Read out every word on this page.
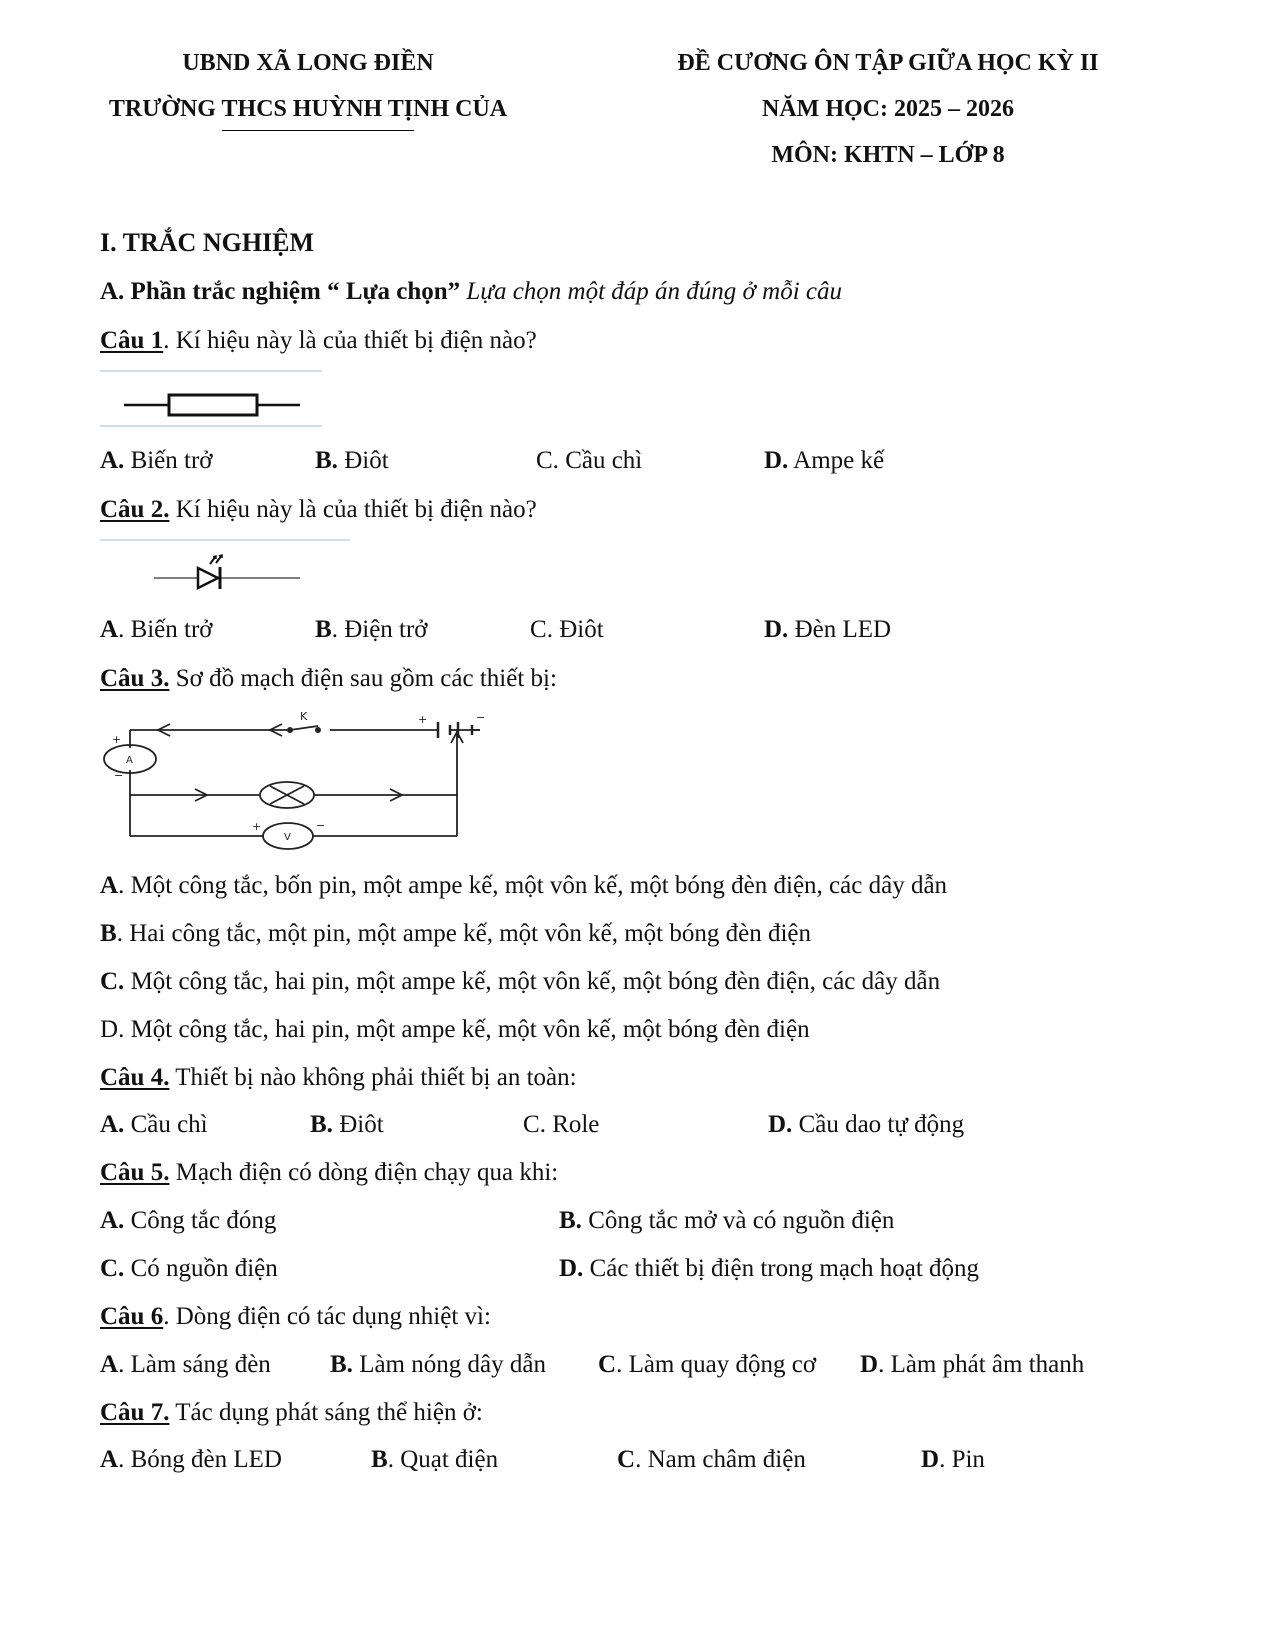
UBND XÃ LONG ĐIỀN
TRƯỜNG THCS HUỲNH TỊNH CỦA
ĐỀ CƯƠNG ÔN TẬP GIỮA HỌC KỲ II
NĂM HỌC: 2025 – 2026
MÔN: KHTN – LỚP 8
I. TRẮC NGHIỆM
A. Phần trắc nghiệm “ Lựa chọn” Lựa chọn một đáp án đúng ở mỗi câu
Câu 1. Kí hiệu này là của thiết bị điện nào?
A. Biến trở	B. Điôt	C. Cầu chì	D. Ampe kế
Câu 2. Kí hiệu này là của thiết bị điện nào?
A. Biến trở	B. Điện trở	C. Điôt	D. Đèn LED
Câu 3. Sơ đồ mạch điện sau gồm các thiết bị:
K	+	−
+
−
A
+	−
V
A. Một công tắc, bốn pin, một ampe kế, một vôn kế, một bóng đèn điện, các dây dẫn
B. Hai công tắc, một pin, một ampe kế, một vôn kế, một bóng đèn điện
C. Một công tắc, hai pin, một ampe kế, một vôn kế, một bóng đèn điện, các dây dẫn
D. Một công tắc, hai pin, một ampe kế, một vôn kế, một bóng đèn điện
Câu 4. Thiết bị nào không phải thiết bị an toàn:
A. Cầu chì	B. Điôt	C. Role	D. Cầu dao tự động
Câu 5. Mạch điện có dòng điện chạy qua khi:
A. Công tắc đóng	B. Công tắc mở và có nguồn điện
C. Có nguồn điện	D. Các thiết bị điện trong mạch hoạt động
Câu 6. Dòng điện có tác dụng nhiệt vì:
A. Làm sáng đèn B. Làm nóng dây dẫn C. Làm quay động cơ D. Làm phát âm thanh
Câu 7. Tác dụng phát sáng thể hiện ở:
A. Bóng đèn LED	B. Quạt điện	C. Nam châm điện	D. Pin
